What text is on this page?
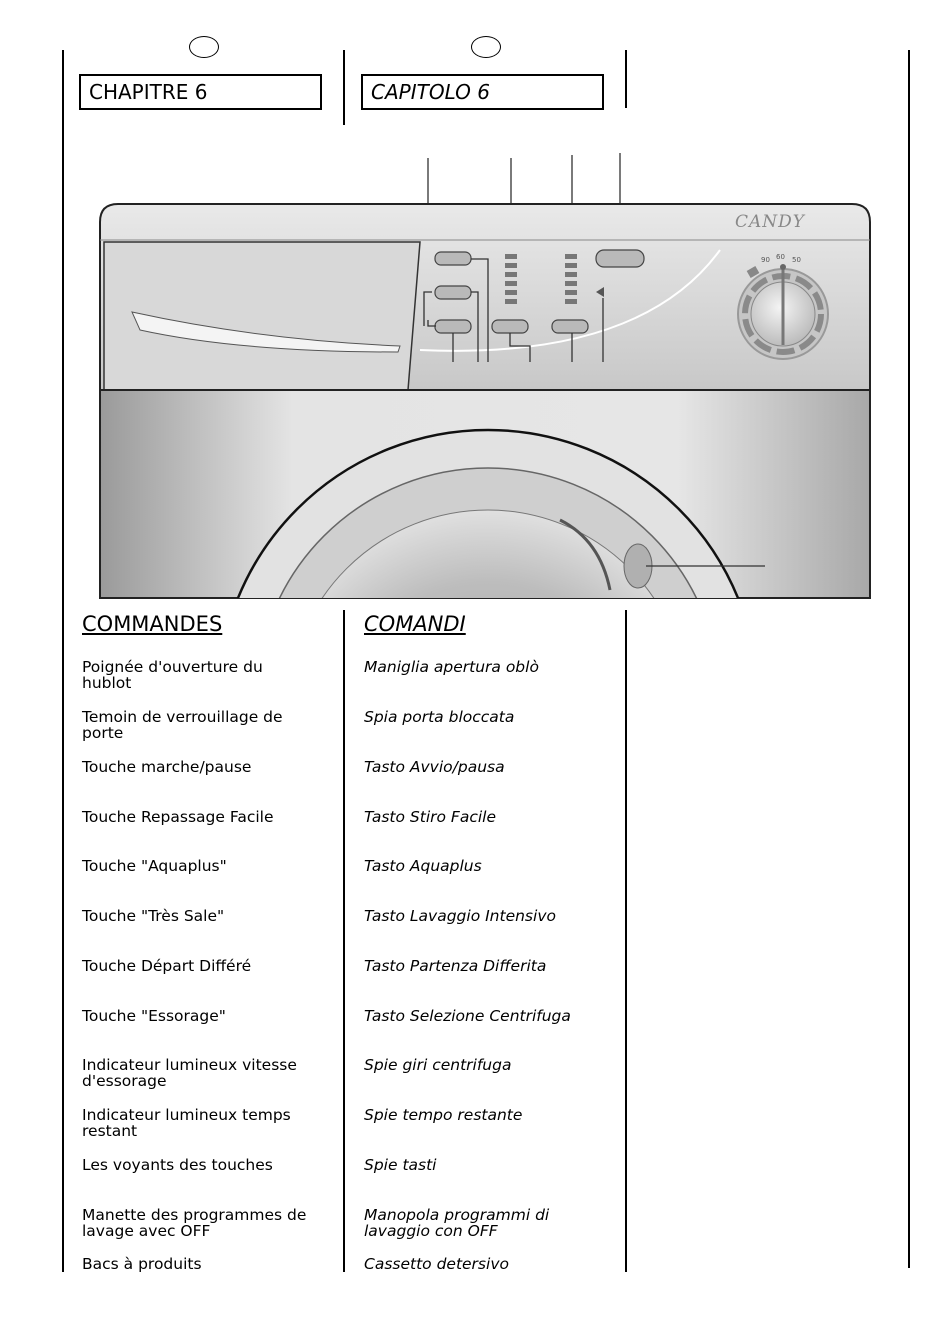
CHAPITRE 6	CAPITOLO 6
CANDY
90 60 50
COMMANDES	COMANDI
Poignée d'ouverture du hublot
Temoin de verrouillage de porte
Touche marche/pause
Touche Repassage Facile
Touche "Aquaplus"
Touche "Très Sale"
Touche Départ Différé
Touche "Essorage"
Indicateur lumineux vitesse d'essorage
Indicateur lumineux temps restant
Les voyants des touches
Manette des programmes de lavage avec OFF
Bacs à produits
Maniglia apertura oblò
Spia porta bloccata
Tasto Avvio/pausa
Tasto Stiro Facile
Tasto Aquaplus
Tasto Lavaggio Intensivo
Tasto Partenza Differita
Tasto Selezione Centrifuga
Spie giri centrifuga
Spie tempo restante
Spie tasti
Manopola programmi di lavaggio con OFF
Cassetto detersivo
